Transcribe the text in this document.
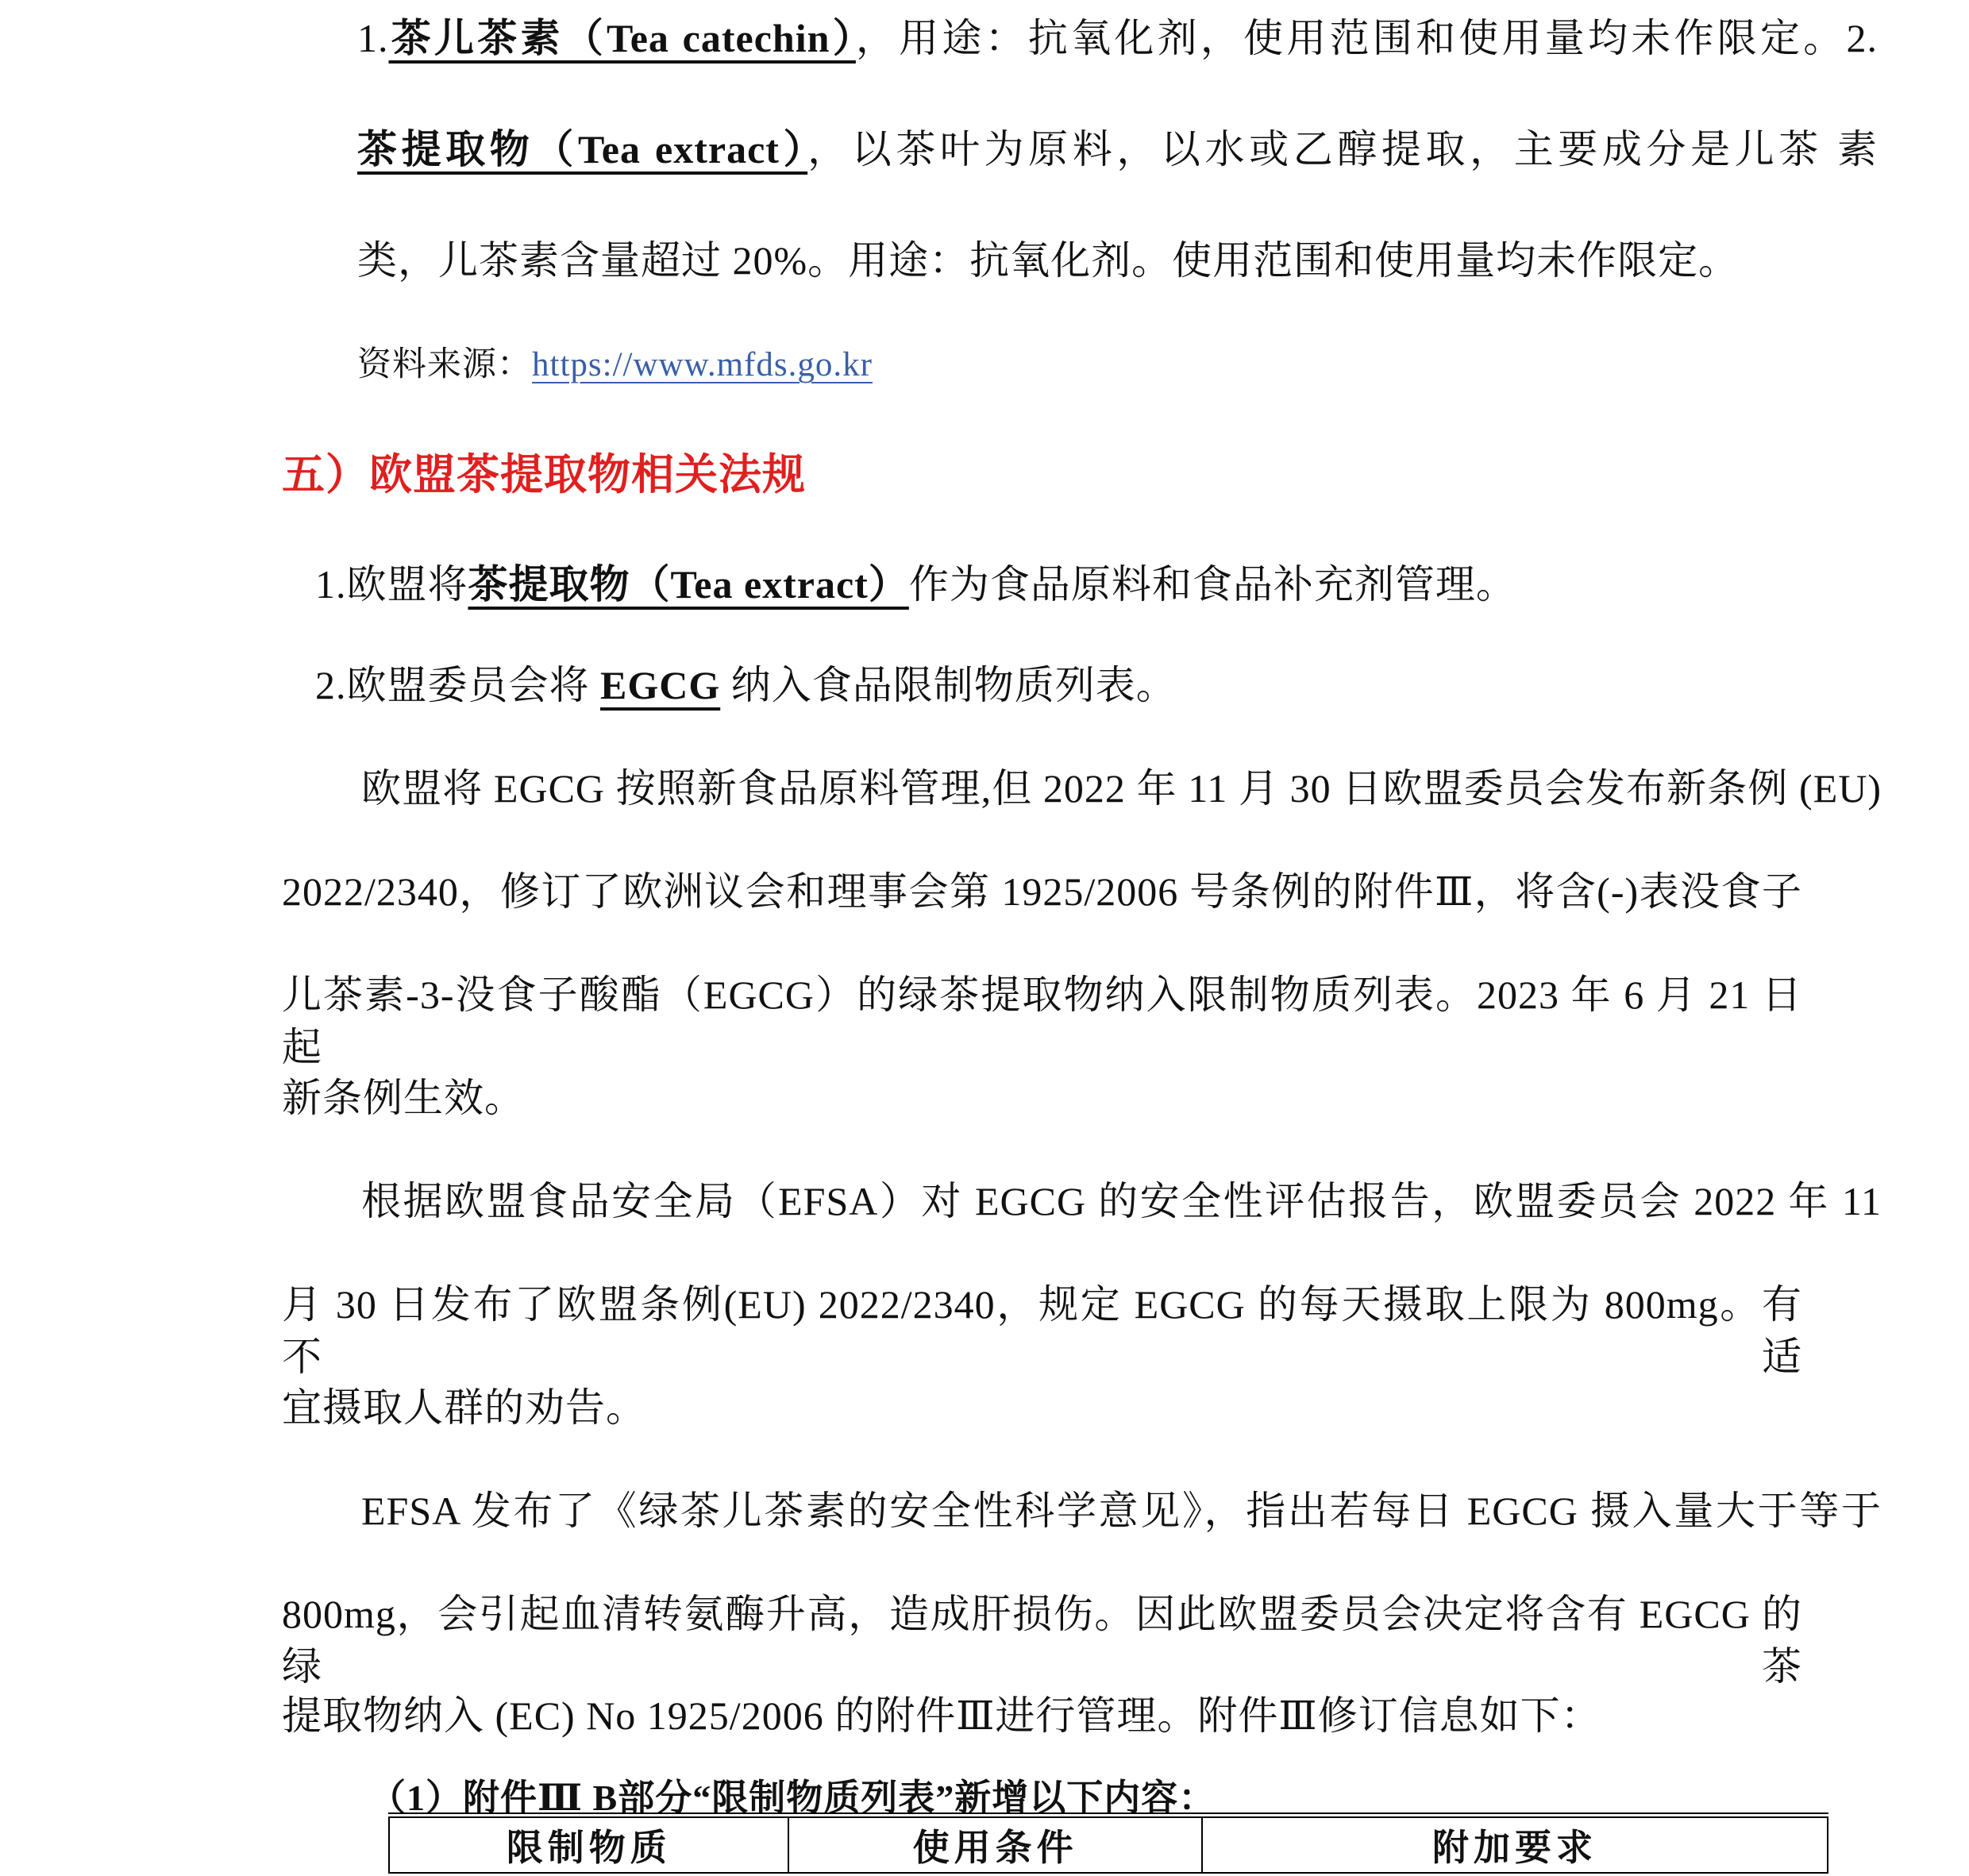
1.茶儿茶素（Tea catechin），用途：抗氧化剂，使用范围和使用量均未作限定。2.
茶提取物（Tea extract），以茶叶为原料，以水或乙醇提取，主要成分是儿茶 素
类，儿茶素含量超过 20%。用途：抗氧化剂。使用范围和使用量均未作限定。
资料来源：https://www.mfds.go.kr
五）欧盟茶提取物相关法规
1.欧盟将茶提取物（Tea extract）作为食品原料和食品补充剂管理。
2.欧盟委员会将 EGCG 纳入食品限制物质列表。
欧盟将 EGCG 按照新食品原料管理,但 2022 年 11 月 30 日欧盟委员会发布新条例 (EU)
2022/2340，修订了欧洲议会和理事会第 1925/2006 号条例的附件Ⅲ，将含(-)表没食子
儿茶素-3-没食子酸酯（EGCG）的绿茶提取物纳入限制物质列表。2023 年 6 月 21 日起
新条例生效。
根据欧盟食品安全局（EFSA）对 EGCG 的安全性评估报告，欧盟委员会 2022 年 11
月 30 日发布了欧盟条例(EU) 2022/2340，规定 EGCG 的每天摄取上限为 800mg。有不适
宜摄取人群的劝告。
EFSA 发布了《绿茶儿茶素的安全性科学意见》，指出若每日 EGCG 摄入量大于等于
800mg，会引起血清转氨酶升高，造成肝损伤。因此欧盟委员会决定将含有 EGCG 的绿茶
提取物纳入 (EC) No 1925/2006 的附件Ⅲ进行管理。附件Ⅲ修订信息如下：
（1）附件Ⅲ B部分“限制物质列表”新增以下内容：
限制物质	使用条件	附加要求
